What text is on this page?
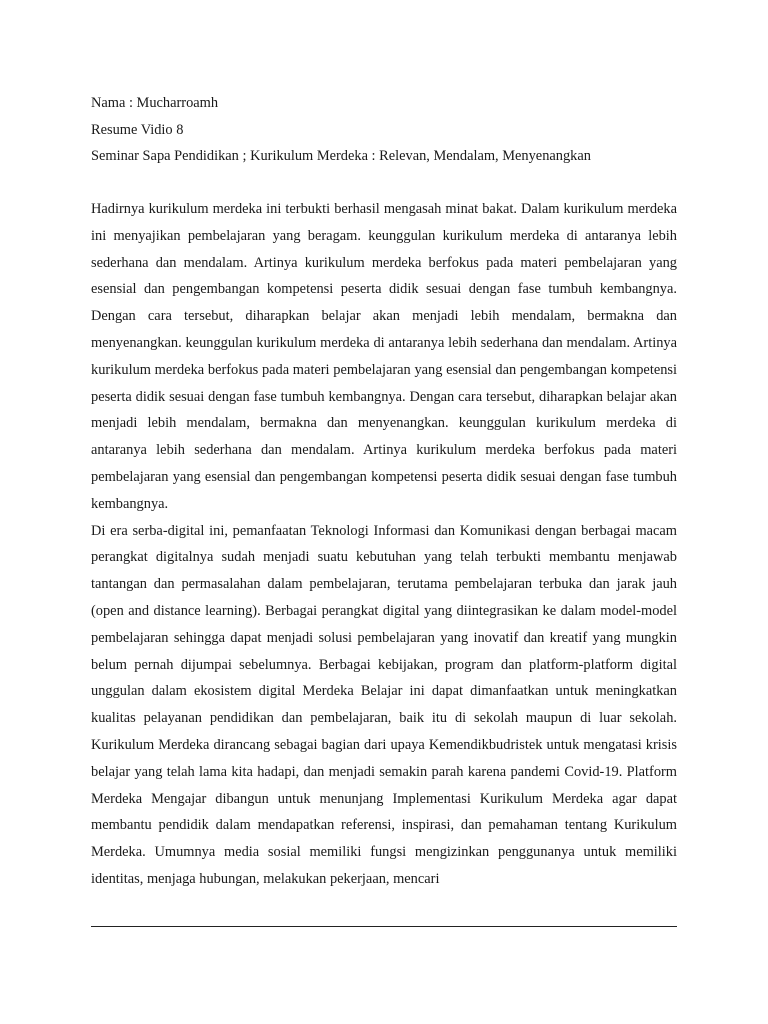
Nama : Mucharroamh

Resume Vidio 8

Seminar Sapa Pendidikan ; Kurikulum Merdeka : Relevan, Mendalam, Menyenangkan

Hadirnya kurikulum merdeka ini terbukti berhasil mengasah minat bakat. Dalam kurikulum merdeka ini menyajikan pembelajaran yang beragam. keunggulan kurikulum merdeka di antaranya lebih sederhana dan mendalam. Artinya kurikulum merdeka berfokus pada materi pembelajaran yang esensial dan pengembangan kompetensi peserta didik sesuai dengan fase tumbuh kembangnya. Dengan cara tersebut, diharapkan belajar akan menjadi lebih mendalam, bermakna dan menyenangkan. keunggulan kurikulum merdeka di antaranya lebih sederhana dan mendalam. Artinya kurikulum merdeka berfokus pada materi pembelajaran yang esensial dan pengembangan kompetensi peserta didik sesuai dengan fase tumbuh kembangnya. Dengan cara tersebut, diharapkan belajar akan menjadi lebih mendalam, bermakna dan menyenangkan. keunggulan kurikulum merdeka di antaranya lebih sederhana dan mendalam. Artinya kurikulum merdeka berfokus pada materi pembelajaran yang esensial dan pengembangan kompetensi peserta didik sesuai dengan fase tumbuh kembangnya.

Di era serba-digital ini, pemanfaatan Teknologi Informasi dan Komunikasi dengan berbagai macam perangkat digitalnya sudah menjadi suatu kebutuhan yang telah terbukti membantu menjawab tantangan dan permasalahan dalam pembelajaran, terutama pembelajaran terbuka dan jarak jauh (open and distance learning). Berbagai perangkat digital yang diintegrasikan ke dalam model-model pembelajaran sehingga dapat menjadi solusi pembelajaran yang inovatif dan kreatif yang mungkin belum pernah dijumpai sebelumnya. Berbagai kebijakan, program dan platform-platform digital unggulan dalam ekosistem digital Merdeka Belajar ini dapat dimanfaatkan untuk meningkatkan kualitas pelayanan pendidikan dan pembelajaran, baik itu di sekolah maupun di luar sekolah. Kurikulum Merdeka dirancang sebagai bagian dari upaya Kemendikbudristek untuk mengatasi krisis belajar yang telah lama kita hadapi, dan menjadi semakin parah karena pandemi Covid-19. Platform Merdeka Mengajar dibangun untuk menunjang Implementasi Kurikulum Merdeka agar dapat membantu pendidik dalam mendapatkan referensi, inspirasi, dan pemahaman tentang Kurikulum Merdeka. Umumnya media sosial memiliki fungsi mengizinkan penggunanya untuk memiliki identitas, menjaga hubungan, melakukan pekerjaan, mencari
